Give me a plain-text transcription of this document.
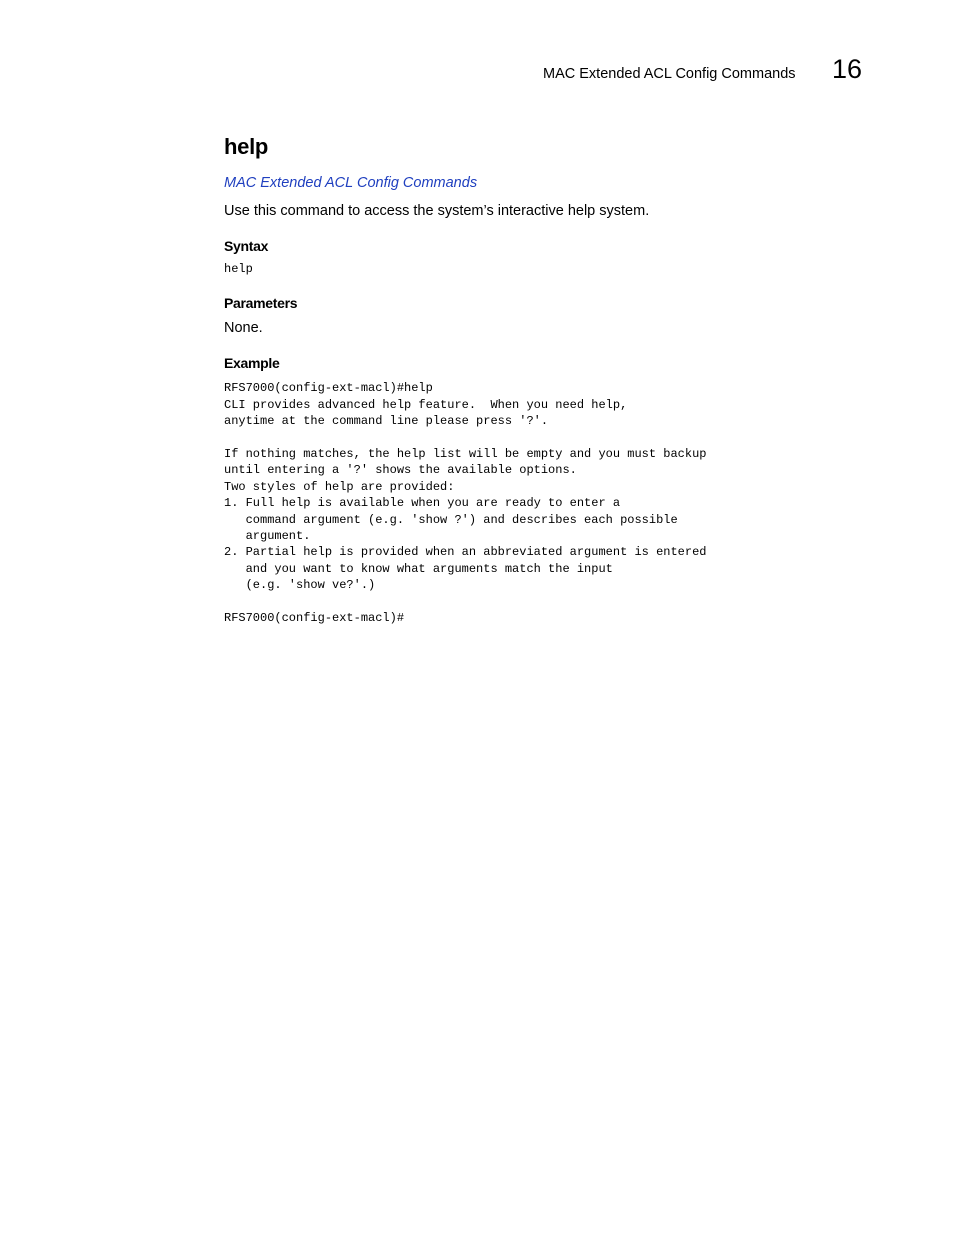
MAC Extended ACL Config Commands 16
help
MAC Extended ACL Config Commands

Use this command to access the system’s interactive help system.

Syntax
help
Parameters

None.

Example
RFS7000(config-ext-macl)#help
CLI provides advanced help feature.  When you need help,
anytime at the command line please press '?'.

If nothing matches, the help list will be empty and you must backup
until entering a '?' shows the available options.
Two styles of help are provided:
1. Full help is available when you are ready to enter a
command argument (e.g. 'show ?') and describes each possible
argument.
2. Partial help is provided when an abbreviated argument is entered
and you want to know what arguments match the input
(e.g. 'show ve?'.)

RFS7000(config-ext-macl)#
